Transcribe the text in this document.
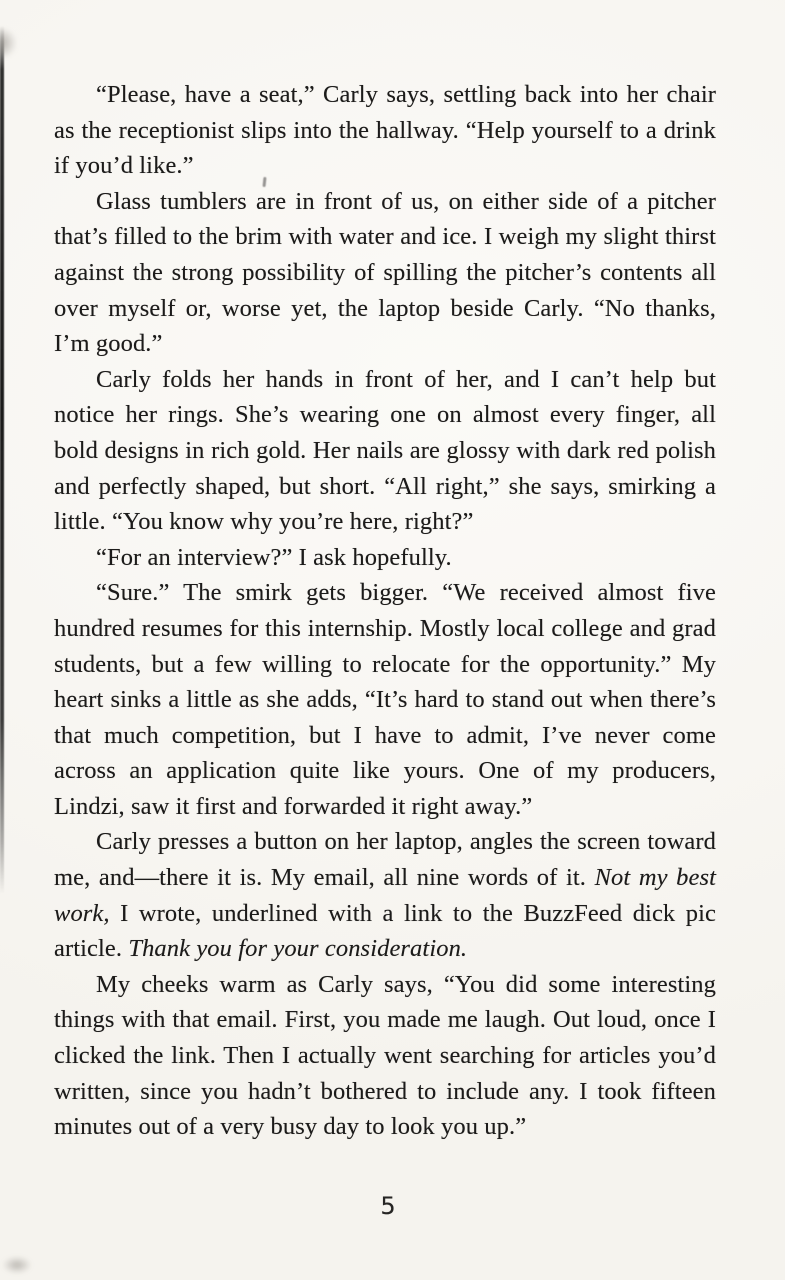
“Please, have a seat,” Carly says, settling back into her chair as the receptionist slips into the hallway. “Help yourself to a drink if you’d like.”

Glass tumblers are in front of us, on either side of a pitcher that’s filled to the brim with water and ice. I weigh my slight thirst against the strong possibility of spilling the pitcher’s contents all over myself or, worse yet, the laptop beside Carly. “No thanks, I’m good.”

Carly folds her hands in front of her, and I can’t help but notice her rings. She’s wearing one on almost every finger, all bold designs in rich gold. Her nails are glossy with dark red polish and perfectly shaped, but short. “All right,” she says, smirking a little. “You know why you’re here, right?”

“For an interview?” I ask hopefully.

“Sure.” The smirk gets bigger. “We received almost five hundred resumes for this internship. Mostly local college and grad students, but a few willing to relocate for the opportunity.” My heart sinks a little as she adds, “It’s hard to stand out when there’s that much competition, but I have to admit, I’ve never come across an application quite like yours. One of my producers, Lindzi, saw it first and forwarded it right away.”

Carly presses a button on her laptop, angles the screen toward me, and—there it is. My email, all nine words of it. Not my best work, I wrote, underlined with a link to the BuzzFeed dick pic article. Thank you for your consideration.

My cheeks warm as Carly says, “You did some interesting things with that email. First, you made me laugh. Out loud, once I clicked the link. Then I actually went searching for articles you’d written, since you hadn’t bothered to include any. I took fifteen minutes out of a very busy day to look you up.”

5
